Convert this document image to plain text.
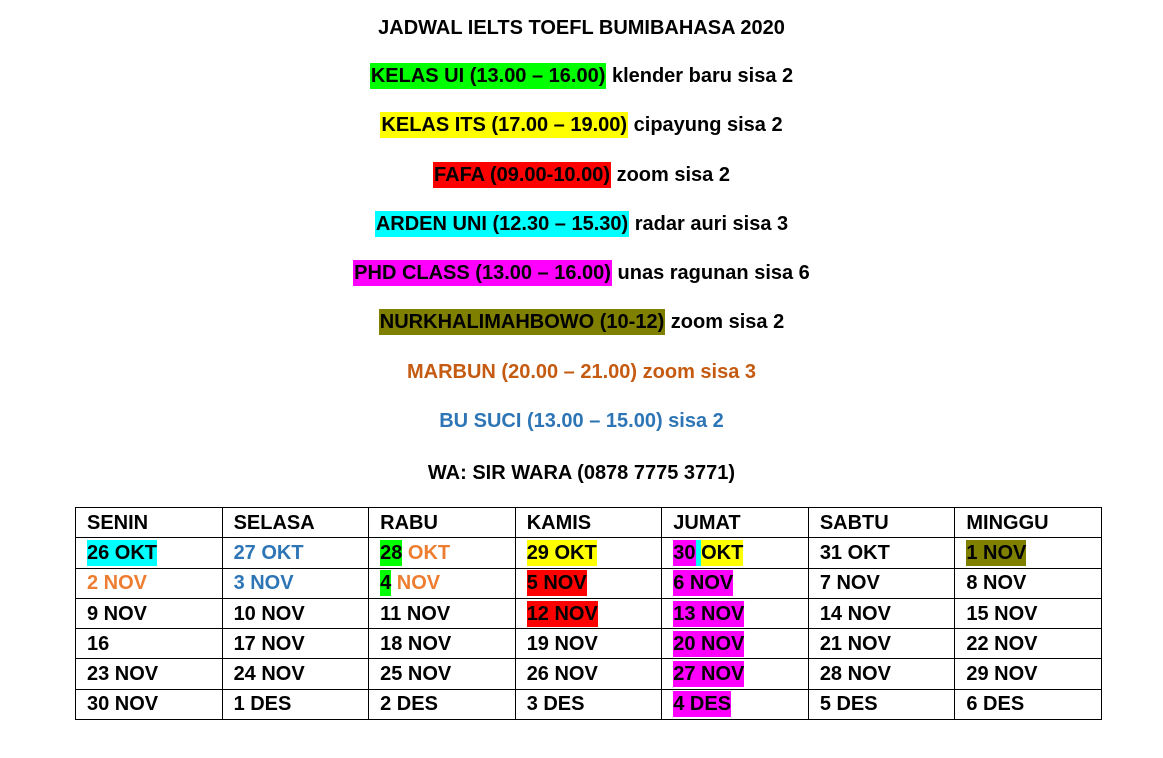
JADWAL IELTS TOEFL BUMIBAHASA 2020
KELAS UI (13.00 – 16.00) klender baru sisa 2
KELAS ITS (17.00 – 19.00) cipayung sisa 2
FAFA (09.00-10.00) zoom sisa 2
ARDEN UNI (12.30 – 15.30) radar auri sisa 3
PHD CLASS (13.00 – 16.00) unas ragunan sisa 6
NURKHALIMAHBOWO (10-12) zoom sisa 2
MARBUN (20.00 – 21.00) zoom sisa 3
BU SUCI (13.00 – 15.00) sisa 2
WA: SIR WARA (0878 7775 3771)
SENIN	SELASA	RABU	KAMIS	JUMAT	SABTU	MINGGU
26 OKT	27 OKT	28 OKT	29 OKT	30 OKT	31 OKT	1 NOV
2 NOV	3 NOV	4 NOV	5 NOV	6 NOV	7 NOV	8 NOV
9 NOV	10 NOV	11 NOV	12 NOV	13 NOV	14 NOV	15 NOV
16	17 NOV	18 NOV	19 NOV	20 NOV	21 NOV	22 NOV
23 NOV	24 NOV	25 NOV	26 NOV	27 NOV	28 NOV	29 NOV
30 NOV	1 DES	2 DES	3 DES	4 DES	5 DES	6 DES
